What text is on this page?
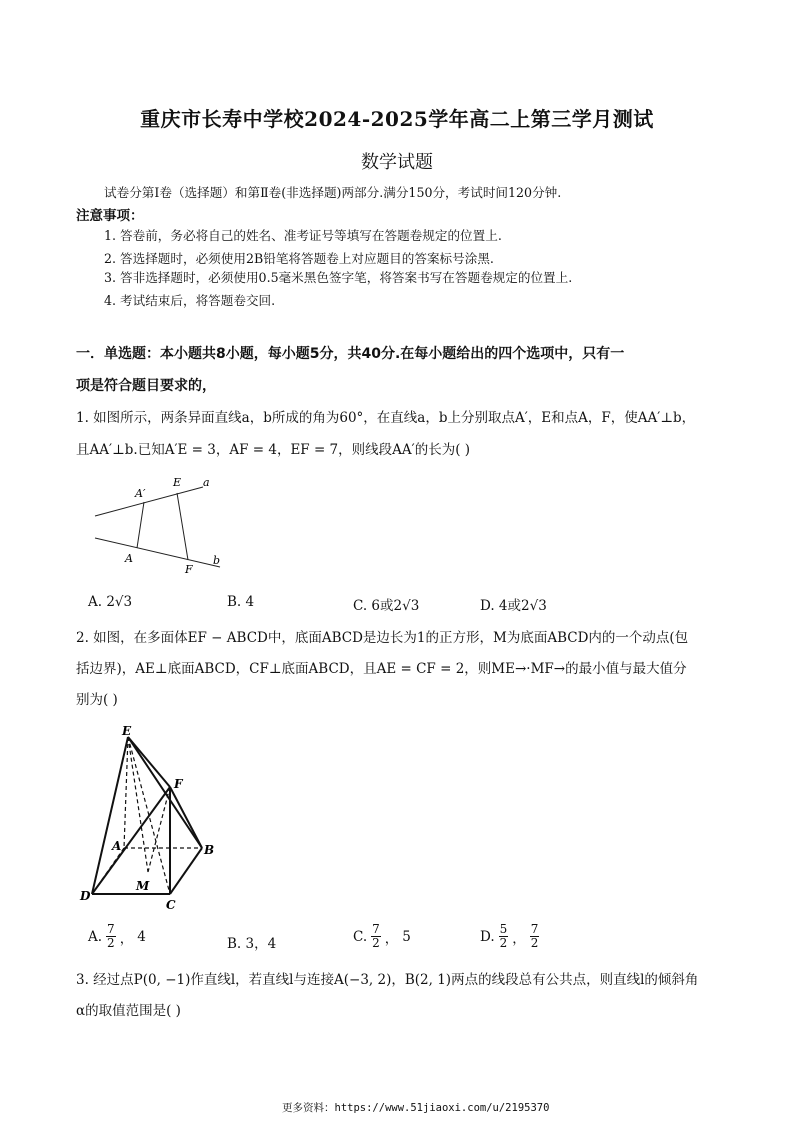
重庆市长寿中学校2024-2025学年高二上第三学月测试
数学试题
试卷分第Ⅰ卷（选择题）和第Ⅱ卷(非选择题)两部分.满分150分，考试时间120分钟.
注意事项：
1. 答卷前，务必将自己的姓名、准考证号等填写在答题卷规定的位置上.
2. 答选择题时，必须使用2B铅笔将答题卷上对应题目的答案标号涂黑.
3. 答非选择题时，必须使用0.5毫米黑色签字笔，将答案书写在答题卷规定的位置上.
4. 考试结束后，将答题卷交回.
一．单选题：本小题共8小题，每小题5分，共40分.在每小题给出的四个选项中，只有一
项是符合题目要求的，
1. 如图所示，两条异面直线a，b所成的角为60°，在直线a，b上分别取点A′，E和点A，F，使AA′⊥b，
且AA′⊥b.已知A′E = 3，AF = 4，EF = 7，则线段AA′的长为( )
a
b
A′
E
A
F
A. 2√3	B. 4	C. 6或2√3	D. 4或2√3
2. 如图，在多面体EF − ABCD中，底面ABCD是边长为1的正方形，M为底面ABCD内的一个动点(包
括边界)，AE⊥底面ABCD，CF⊥底面ABCD，且AE = CF = 2，则ME→·MF→的最小值与最大值分
别为( )
E
F
A	B
C
D
M
A. $\frac{7}{2}$ ， 4	B. 3，4	C. $\frac{7}{2}$ ， 5	D. $\frac{5}{2}$ ， $\frac{7}{2}$
3. 经过点P(0, −1)作直线l，若直线l与连接A(−3, 2)，B(2, 1)两点的线段总有公共点，则直线l的倾斜角
α的取值范围是( )
更多资料：https://www.51jiaoxi.com/u/2195370
